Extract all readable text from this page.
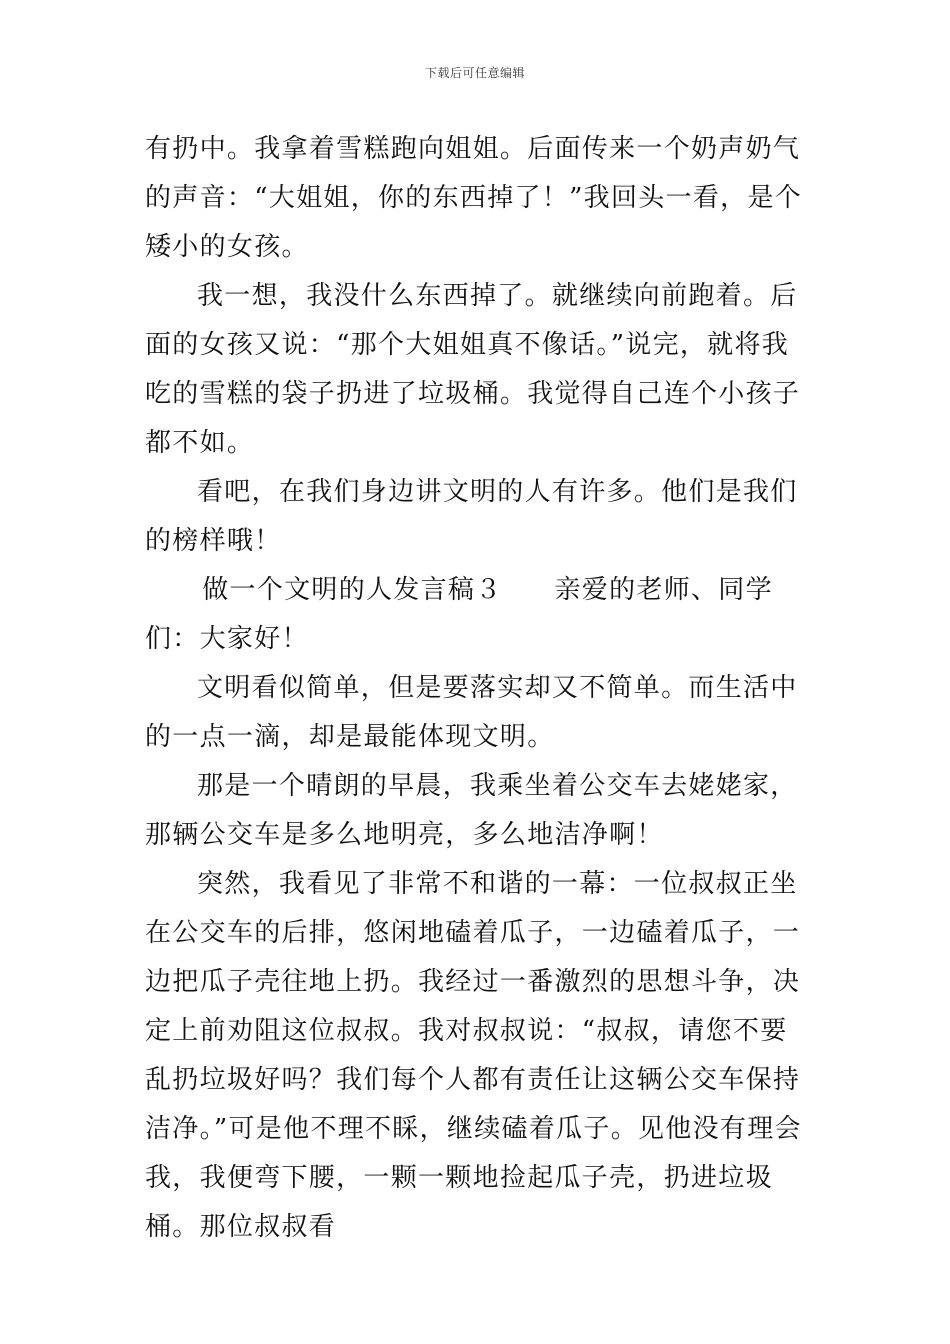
下载后可任意编辑

有扔中。我拿着雪糕跑向姐姐。后面传来一个奶声奶气的声音：“大姐姐，你的东西掉了！”我回头一看，是个矮小的女孩。

我一想，我没什么东西掉了。就继续向前跑着。后面的女孩又说：“那个大姐姐真不像话。”说完，就将我吃的雪糕的袋子扔进了垃圾桶。我觉得自己连个小孩子都不如。

看吧，在我们身边讲文明的人有许多。他们是我们的榜样哦！

做一个文明的人发言稿３ 亲爱的老师、同学们：大家好！

文明看似简单，但是要落实却又不简单。而生活中的一点一滴，却是最能体现文明。

那是一个晴朗的早晨，我乘坐着公交车去姥姥家，那辆公交车是多么地明亮，多么地洁净啊！

突然，我看见了非常不和谐的一幕：一位叔叔正坐在公交车的后排，悠闲地磕着瓜子，一边磕着瓜子，一边把瓜子壳往地上扔。我经过一番激烈的思想斗争，决定上前劝阻这位叔叔。我对叔叔说：“叔叔，请您不要乱扔垃圾好吗？我们每个人都有责任让这辆公交车保持洁净。”可是他不理不睬，继续磕着瓜子。见他没有理会我，我便弯下腰，一颗一颗地捡起瓜子壳，扔进垃圾桶。那位叔叔看
